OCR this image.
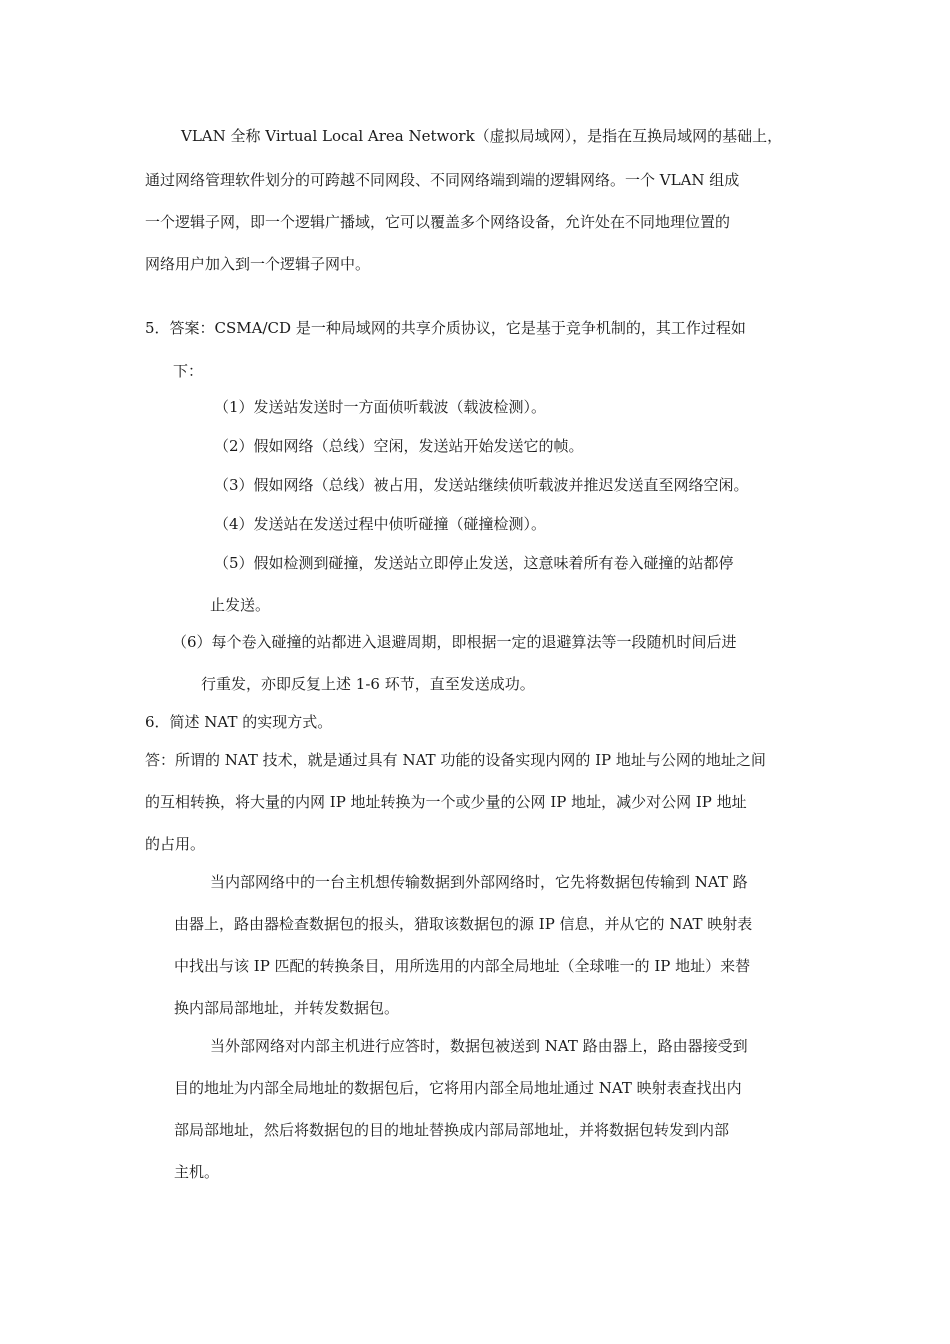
VLAN 全称 Virtual Local Area Network（虚拟局域网），是指在互换局域网的基础上，
通过网络管理软件划分的可跨越不同网段、不同网络端到端的逻辑网络。一个 VLAN 组成
一个逻辑子网，即一个逻辑广播域，它可以覆盖多个网络设备，允许处在不同地理位置的
网络用户加入到一个逻辑子网中。
5．答案：CSMA/CD 是一种局域网的共享介质协议，它是基于竞争机制的，其工作过程如
下：
（1）发送站发送时一方面侦听载波（载波检测）。
（2）假如网络（总线）空闲，发送站开始发送它的帧。
（3）假如网络（总线）被占用，发送站继续侦听载波并推迟发送直至网络空闲。
（4）发送站在发送过程中侦听碰撞（碰撞检测）。
（5）假如检测到碰撞，发送站立即停止发送，这意味着所有卷入碰撞的站都停
止发送。
（6）每个卷入碰撞的站都进入退避周期，即根据一定的退避算法等一段随机时间后进
行重发，亦即反复上述 1-6 环节，直至发送成功。
6．简述 NAT 的实现方式。
答：所谓的 NAT 技术，就是通过具有 NAT 功能的设备实现内网的 IP 地址与公网的地址之间
的互相转换，将大量的内网 IP 地址转换为一个或少量的公网 IP 地址，减少对公网 IP 地址
的占用。
当内部网络中的一台主机想传输数据到外部网络时，它先将数据包传输到 NAT 路
由器上，路由器检查数据包的报头，猎取该数据包的源 IP 信息，并从它的 NAT 映射表
中找出与该 IP 匹配的转换条目，用所选用的内部全局地址（全球唯一的 IP 地址）来替
换内部局部地址，并转发数据包。
当外部网络对内部主机进行应答时，数据包被送到 NAT 路由器上，路由器接受到
目的地址为内部全局地址的数据包后，它将用内部全局地址通过 NAT 映射表查找出内
部局部地址，然后将数据包的目的地址替换成内部局部地址，并将数据包转发到内部
主机。
